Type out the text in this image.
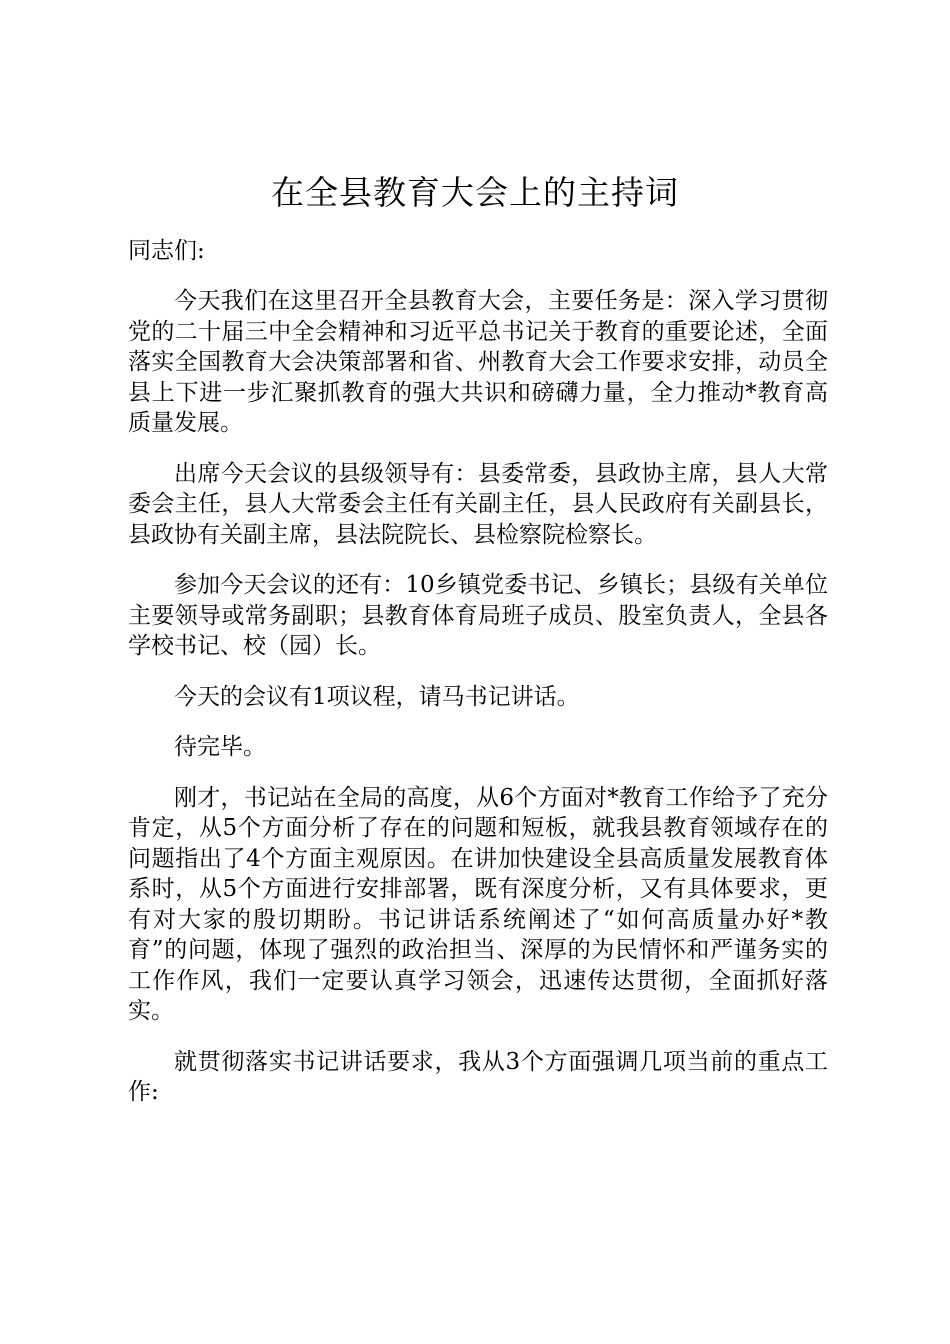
在全县教育大会上的主持词

同志们:

今天我们在这里召开全县教育大会，主要任务是：深入学习贯彻党的二十届三中全会精神和习近平总书记关于教育的重要论述，全面落实全国教育大会决策部署和省、州教育大会工作要求安排，动员全县上下进一步汇聚抓教育的强大共识和磅礴力量，全力推动*教育高质量发展。

出席今天会议的县级领导有：县委常委，县政协主席，县人大常委会主任，县人大常委会主任有关副主任，县人民政府有关副县长，县政协有关副主席，县法院院长、县检察院检察长。

参加今天会议的还有：10乡镇党委书记、乡镇长；县级有关单位主要领导或常务副职；县教育体育局班子成员、股室负责人，全县各学校书记、校（园）长。

今天的会议有1项议程，请马书记讲话。

待完毕。

刚才，书记站在全局的高度，从6个方面对*教育工作给予了充分肯定，从5个方面分析了存在的问题和短板，就我县教育领域存在的问题指出了4个方面主观原因。在讲加快建设全县高质量发展教育体系时，从5个方面进行安排部署，既有深度分析，又有具体要求，更有对大家的殷切期盼。书记讲话系统阐述了“如何高质量办好*教育”的问题，体现了强烈的政治担当、深厚的为民情怀和严谨务实的工作作风，我们一定要认真学习领会，迅速传达贯彻，全面抓好落实。

就贯彻落实书记讲话要求，我从3个方面强调几项当前的重点工作:
